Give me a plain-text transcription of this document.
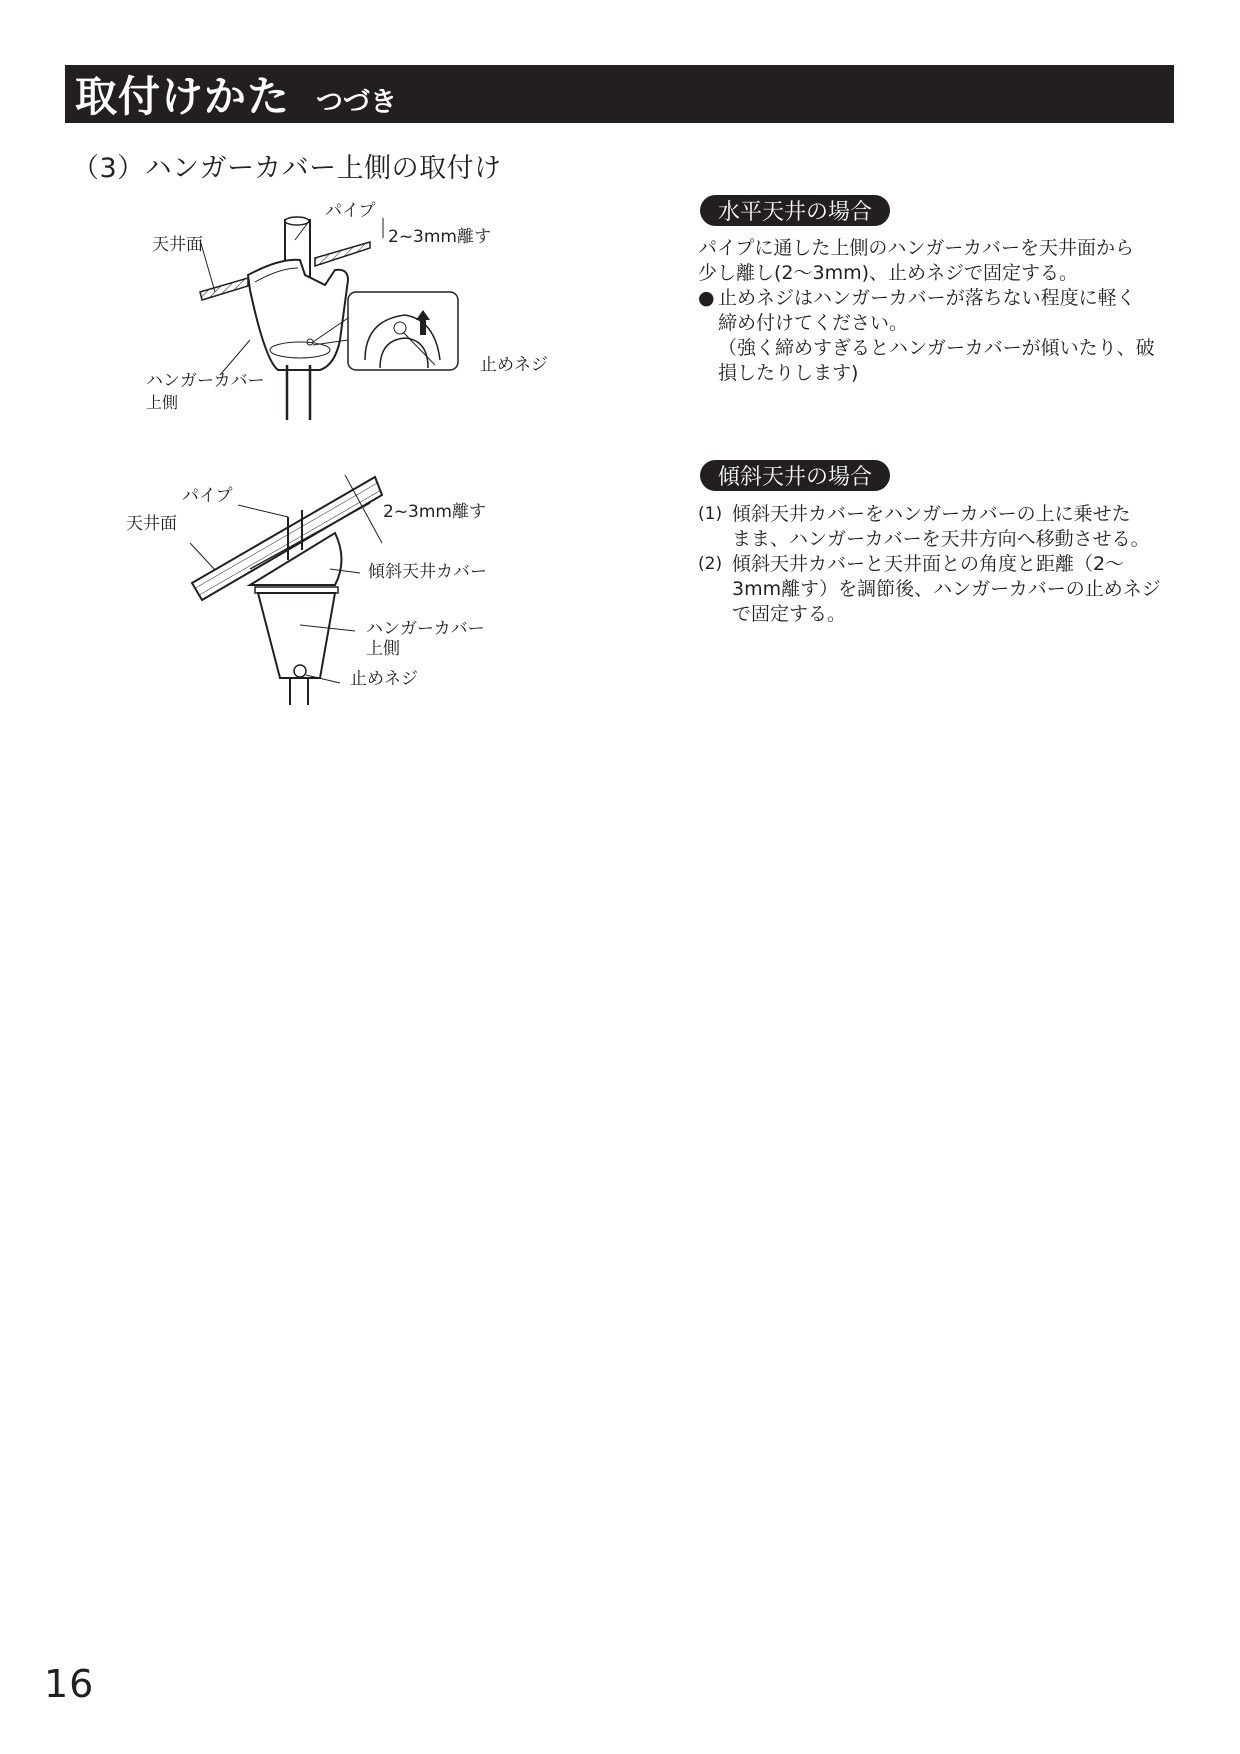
取付けかた つづき
（3）ハンガーカバー上側の取付け
パイプ
天井面	2~3mm離す
ハンガーカバー
上側
止めネジ
パイプ
天井面
2~3mm離す
傾斜天井カバー
ハンガーカバー
上側
止めネジ
水平天井の場合

パイプに通した上側のハンガーカバーを天井面から

少し離し(2〜3mm)、止めネジで固定する。

● 止めネジはハンガーカバーが落ちない程度に軽く

締め付けてください。

（強く締めすぎるとハンガーカバーが傾いたり、破

損したりします)

傾斜天井の場合
(1) 傾斜天井カバーをハンガーカバーの上に乗せた

まま、ハンガーカバーを天井方向へ移動させる。

(2) 傾斜天井カバーと天井面との角度と距離（2〜

3mm離す）を調節後、ハンガーカバーの止めネジ

で固定する。

16
